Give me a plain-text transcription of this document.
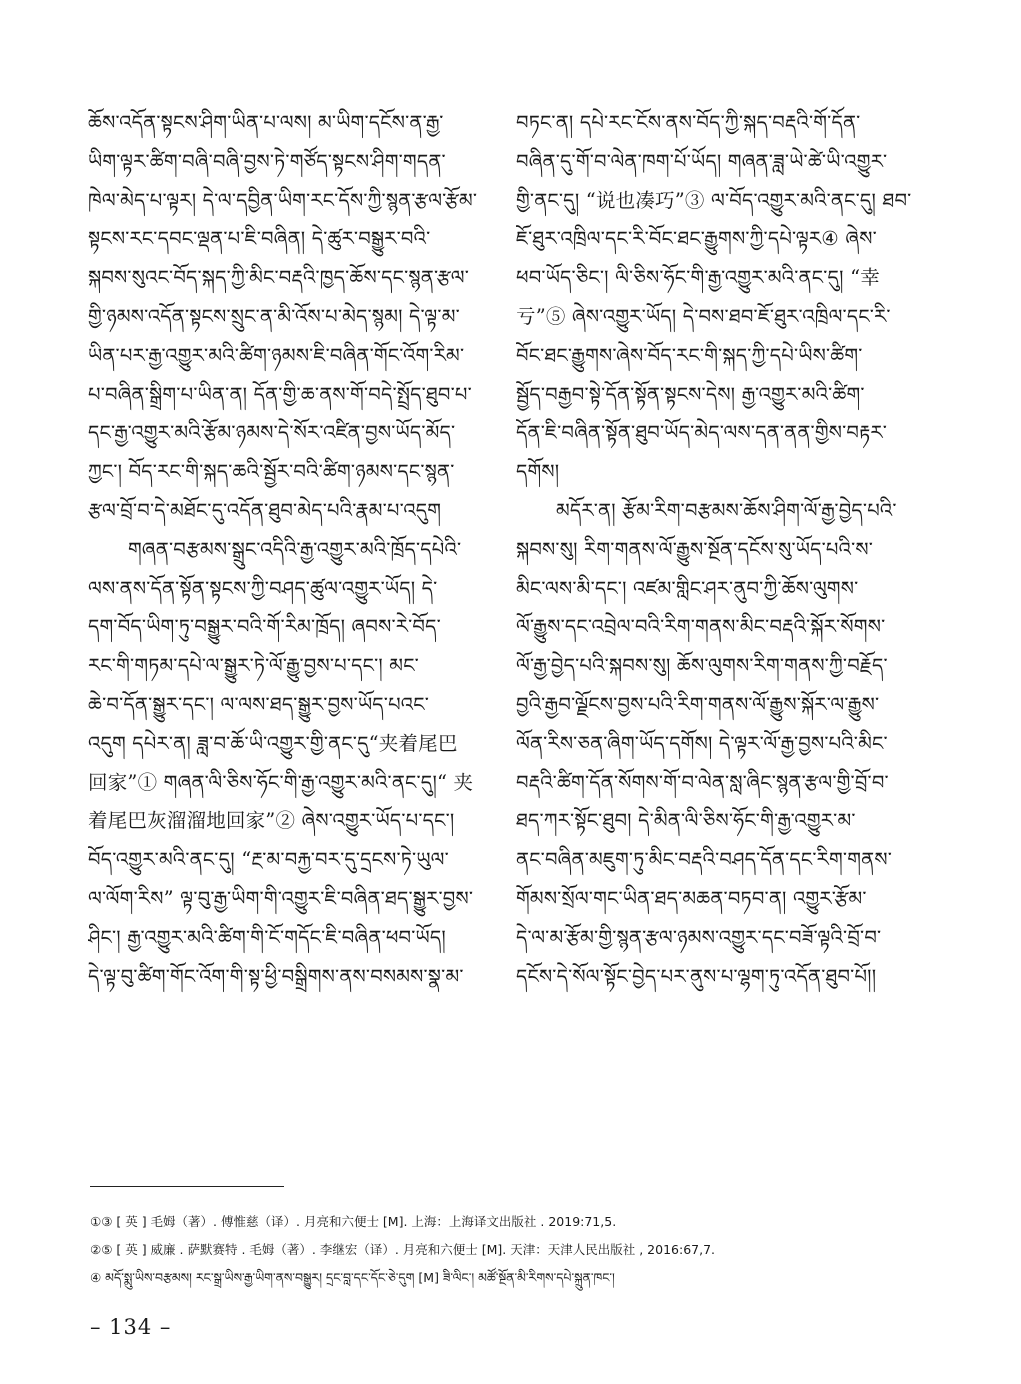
ཆོས་འདོན་སྟངས་ཤིག་ཡིན་པ་ལས། མ་ཡིག་དངོས་ན་རྒྱ་
ཡིག་ལྟར་ཚིག་བཞི་བཞི་བྱས་ཏེ་གཙོད་སྟངས་ཤིག་གདན་
ཁེལ་མེད་པ་ལྟར། དེ་ལ་དབྱིན་ཡིག་རང་དོས་ཀྱི་སྙན་རྩལ་རྩོམ་
སྟངས་རང་དབང་ལྡན་པ་ཇི་བཞིན། དེ་ཚུར་བསྒྱུར་བའི་
སྐབས་སུའང་བོད་སྐད་ཀྱི་མིང་བརྡའི་ཁྱད་ཆོས་དང་སྙན་རྩལ་
གྱི་ཉམས་འདོན་སྟངས་སྲུང་ན་མི་འོས་པ་མེད་སྙམ། དེ་ལྟ་མ་
ཡིན་པར་རྒྱ་འགྱུར་མའི་ཚིག་ཉམས་ཇི་བཞིན་གོང་འོག་རིམ་
པ་བཞིན་སྒྲིག་པ་ཡིན་ན། དོན་གྱི་ཆ་ནས་གོ་བདེ་སྤྲོད་ཐུབ་པ་
དང་རྒྱ་འགྱུར་མའི་རྩོམ་ཉམས་དེ་སོར་འཛིན་བྱས་ཡོད་མོད་
ཀྱང་། བོད་རང་གི་སྐད་ཆའི་སྦྱོར་བའི་ཚིག་ཉམས་དང་སྙན་
རྩལ་བྲོ་བ་དེ་མཐོང་དུ་འདོན་ཐུབ་མེད་པའི་རྣམ་པ་འདུག
གཞན་བརྩམས་སྒྲུང་འདིའི་རྒྱ་འགྱུར་མའི་ཁྲོད་དཔེའི་
ལས་ནས་དོན་སྟོན་སྟངས་ཀྱི་བཤད་ཚུལ་འགྱུར་ཡོད། དེ་
དག་བོད་ཡིག་ཏུ་བསྒྱུར་བའི་གོ་རིམ་ཁྲོད། ཞབས་རེ་བོད་
རང་གི་གཏམ་དཔེ་ལ་སྒྱུར་ཏེ་ལོ་རྒྱུ་བྱས་པ་དང་། མང་
ཆེ་བ་དོན་སྒྱུར་དང་། ལ་ལས་ཐད་སྒྱུར་བྱས་ཡོད་པའང་
འདུག དཔེར་ན། ཟླ་བ་ཆོ་ཡི་འགྱུར་གྱི་ནང་དུ“夹着尾巴
回家”① གཞན་ལི་ཅིས་ཧོང་གི་རྒྱ་འགྱུར་མའི་ནང་དུ།“ 夹
着尾巴灰溜溜地回家”② ཞེས་འགྱུར་ཡོད་པ་དང་།
བོད་འགྱུར་མའི་ནང་དུ། “རྔ་མ་བརྐྱ་བར་དུ་དྲངས་ཏེ་ཡུལ་
ལ་ལོག་རིས” ལྟ་བུ་རྒྱ་ཡིག་གི་འགྱུར་ཇི་བཞིན་ཐད་སྒྱུར་བྱས་
ཤིང་། རྒྱ་འགྱུར་མའི་ཚིག་གི་ངོ་གདོང་ཇི་བཞིན་ཕབ་ཡོད།
དེ་ལྟ་བུ་ཚིག་གོང་འོག་གི་སྟ་ཕྱི་བསྒྲིགས་ནས་བསམས་སྣ་མ་
བཏང་ན། དཔེ་རང་ངོས་ནས་བོད་ཀྱི་སྐད་བརྡའི་གོ་དོན་
བཞིན་དུ་གོ་བ་ལེན་ཁག་པོ་ཡོད། གཞན་ཟླ་ཡེ་ཚེ་ཡི་འགྱུར་
གྱི་ནང་དུ། “说也凑巧”③ ལ་བོད་འགྱུར་མའི་ནང་དུ། ཐབ་
ཇོ་ཐུར་འཁྲིལ་དང་རི་བོང་ཐང་རྒྱུགས་ཀྱི་དཔེ་ལྟར④ ཞེས་
ཕབ་ཡོད་ཅིང་། ལི་ཅིས་ཧོང་གི་རྒྱ་འགྱུར་མའི་ནང་དུ། “幸
亏”⑤ ཞེས་འགྱུར་ཡོད། དེ་བས་ཐབ་ཇོ་ཐུར་འཁྲིལ་དང་རི་
བོང་ཐང་རྒྱུགས་ཞེས་བོད་རང་གི་སྐད་ཀྱི་དཔེ་ཡིས་ཚིག་
སྦྱོད་བརྒྱབ་སྟེ་དོན་སྟོན་སྟངས་དེས། རྒྱ་འགྱུར་མའི་ཚིག་
དོན་ཇི་བཞིན་སྟོན་ཐུབ་ཡོད་མེད་ལས་དན་ནན་གྱིས་བརྟར་
དགོས།
མདོར་ན། རྩོམ་རིག་བརྩམས་ཆོས་ཤིག་ལོ་རྒྱ་བྱེད་པའི་
སྐབས་སུ། རིག་གནས་ལོ་རྒྱུས་སྔོན་དངོས་སུ་ཡོད་པའི་ས་
མིང་ལས་མི་དང་། འཛམ་གླིང་ཤར་ནུབ་ཀྱི་ཆོས་ལུགས་
ལོ་རྒྱུས་དང་འབྲེལ་བའི་རིག་གནས་མིང་བརྡའི་སྐོར་སོགས་
ལོ་རྒྱ་བྱེད་པའི་སྐབས་སུ། ཆོས་ལུགས་རིག་གནས་ཀྱི་བརྗོད་
བྱའི་རྒྱབ་ལྗོངས་བྱས་པའི་རིག་གནས་ལོ་རྒྱུས་སྐོར་ལ་རྒྱུས་
ལོན་རིས་ཅན་ཞིག་ཡོད་དགོས། དེ་ལྟར་ལོ་རྒྱ་བྱས་པའི་མིང་
བརྡའི་ཚིག་དོན་སོགས་གོ་བ་ལེན་སླ་ཞིང་སྙན་རྩལ་གྱི་བྲོ་བ་
ཐད་ཀར་སྟོང་ཐུབ། དེ་མིན་ལི་ཅིས་ཧོང་གི་རྒྱ་འགྱུར་མ་
ནང་བཞིན་མཇུག་ཏུ་མིང་བརྡའི་བཤད་དོན་དང་རིག་གནས་
གོམས་སྲོལ་གང་ཡིན་ཐད་མཆན་བཏབ་ན། འགྱུར་རྩོམ་
དེ་ལ་མ་རྩོམ་གྱི་སྙན་རྩལ་ཉམས་འགྱུར་དང་བཟོ་ལྟའི་བྲོ་བ་
དངོས་དེ་སོལ་སྟོང་བྱེད་པར་ནུས་པ་ལྷག་ཏུ་འདོན་ཐུབ་པོ།།
①③ [ 英 ] 毛姆（著）. 傅惟慈（译）. 月亮和六便士 [M]. 上海：上海译文出版社 . 2019:71,5.
②⑤ [ 英 ] 威廉 . 萨默赛特 . 毛姆（著）. 李继宏（译）. 月亮和六便士 [M]. 天津：天津人民出版社 , 2016:67,7.
④ མདོ་སྨུ་ཡིས་བརྩམས། རང་སྒྲ་ཡིས་རྒྱ་ཡིག་ནས་བསྒྱུར། དྲང་བླ་དང་དོང་ཅེ་དུག [M] ཟི་ལིང་། མཚོ་སྔོན་མི་རིགས་དཔེ་སྐྲུན་ཁང་།
– 134 –
